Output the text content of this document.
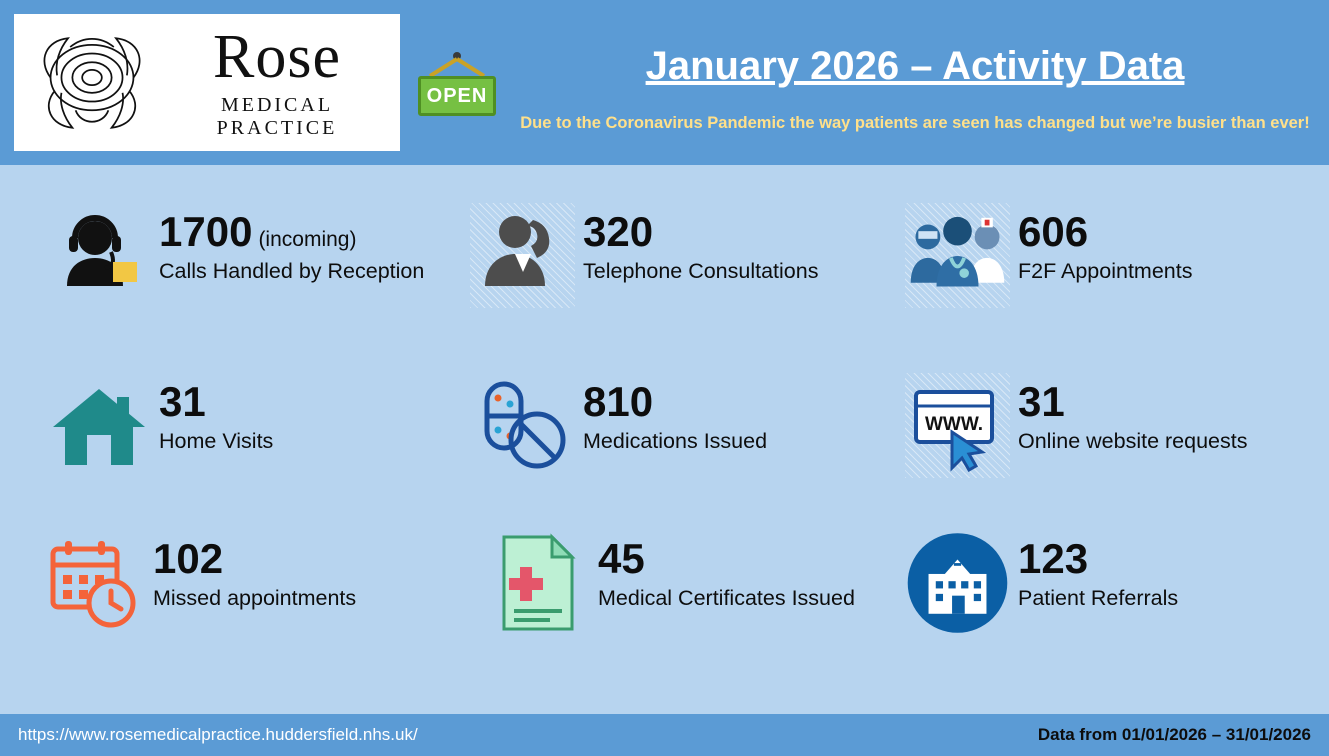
Rose
MEDICAL PRACTICE
OPEN
January 2026 – Activity Data
Due to the Coronavirus Pandemic the way patients are seen has changed but we’re busier than ever!
1700 (incoming)
Calls Handled by Reception
320
Telephone Consultations
606
F2F Appointments
31
Home Visits
810
Medications Issued
WWW. 31
Online website requests
102
Missed appointments
45
Medical Certificates Issued
123
Patient Referrals
https://www.rosemedicalpractice.huddersfield.nhs.uk/	Data from 01/01/2026 – 31/01/2026
